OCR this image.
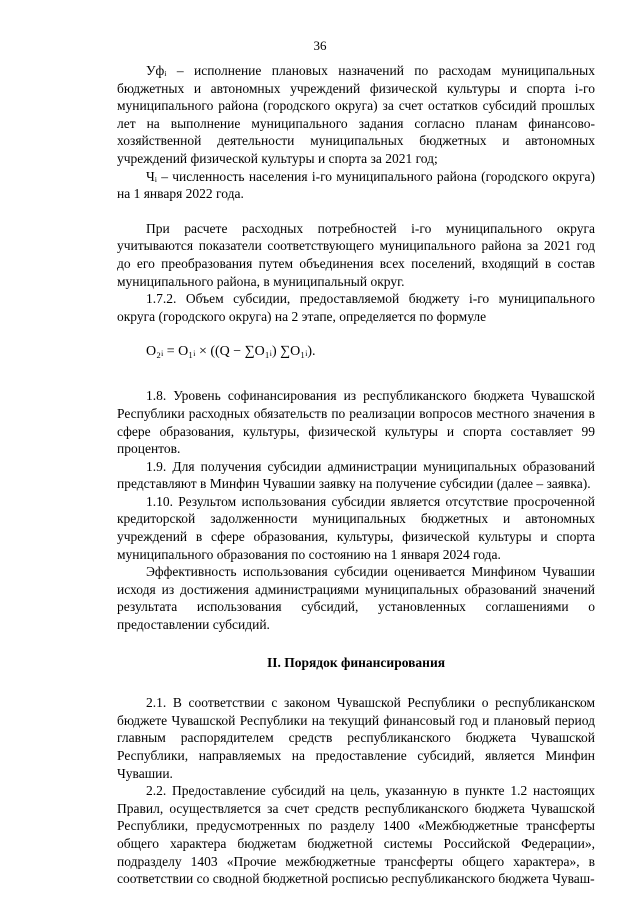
36

Уфᵢ – исполнение плановых назначений по расходам муниципальных бюджетных и автономных учреждений физической культуры и спорта i-го муниципального района (городского округа) за счет остатков субсидий прошлых лет на выполнение муниципального задания согласно планам финансово-хозяйственной деятельности муниципальных бюджетных и автономных учреждений физической культуры и спорта за 2021 год;

Чᵢ – численность населения i-го муниципального района (городского округа) на 1 января 2022 года.

При расчете расходных потребностей i-го муниципального округа учитываются показатели соответствующего муниципального района за 2021 год до его преобразования путем объединения всех поселений, входящий в состав муниципального района, в муниципальный округ.

1.7.2. Объем субсидии, предоставляемой бюджету i-го муниципального округа (городского округа) на 2 этапе, определяется по формуле

O₂ᵢ = O₁ᵢ × ((Q − ∑O₁ᵢ) ∑O₁ᵢ).

1.8. Уровень софинансирования из республиканского бюджета Чувашской Республики расходных обязательств по реализации вопросов местного значения в сфере образования, культуры, физической культуры и спорта составляет 99 процентов.

1.9. Для получения субсидии администрации муниципальных образований представляют в Минфин Чувашии заявку на получение субсидии (далее – заявка).

1.10. Результом использования субсидии является отсутствие просроченной кредиторской задолженности муниципальных бюджетных и автономных учреждений в сфере образования, культуры, физической культуры и спорта муниципального образования по состоянию на 1 января 2024 года.

Эффективность использования субсидии оценивается Минфином Чувашии исходя из достижения администрациями муниципальных образований значений результата использования субсидий, установленных соглашениями о предоставлении субсидий.

II. Порядок финансирования

2.1. В соответствии с законом Чувашской Республики о республиканском бюджете Чувашской Республики на текущий финансовый год и плановый период главным распорядителем средств республиканского бюджета Чувашской Республики, направляемых на предоставление субсидий, является Минфин Чувашии.

2.2. Предоставление субсидий на цель, указанную в пункте 1.2 настоящих Правил, осуществляется за счет средств республиканского бюджета Чувашской Республики, предусмотренных по разделу 1400 «Межбюджетные трансферты общего характера бюджетам бюджетной системы Российской Федерации», подразделу 1403 «Прочие межбюджетные трансферты общего характера», в соответствии со сводной бюджетной росписью республиканского бюджета Чуваш-
